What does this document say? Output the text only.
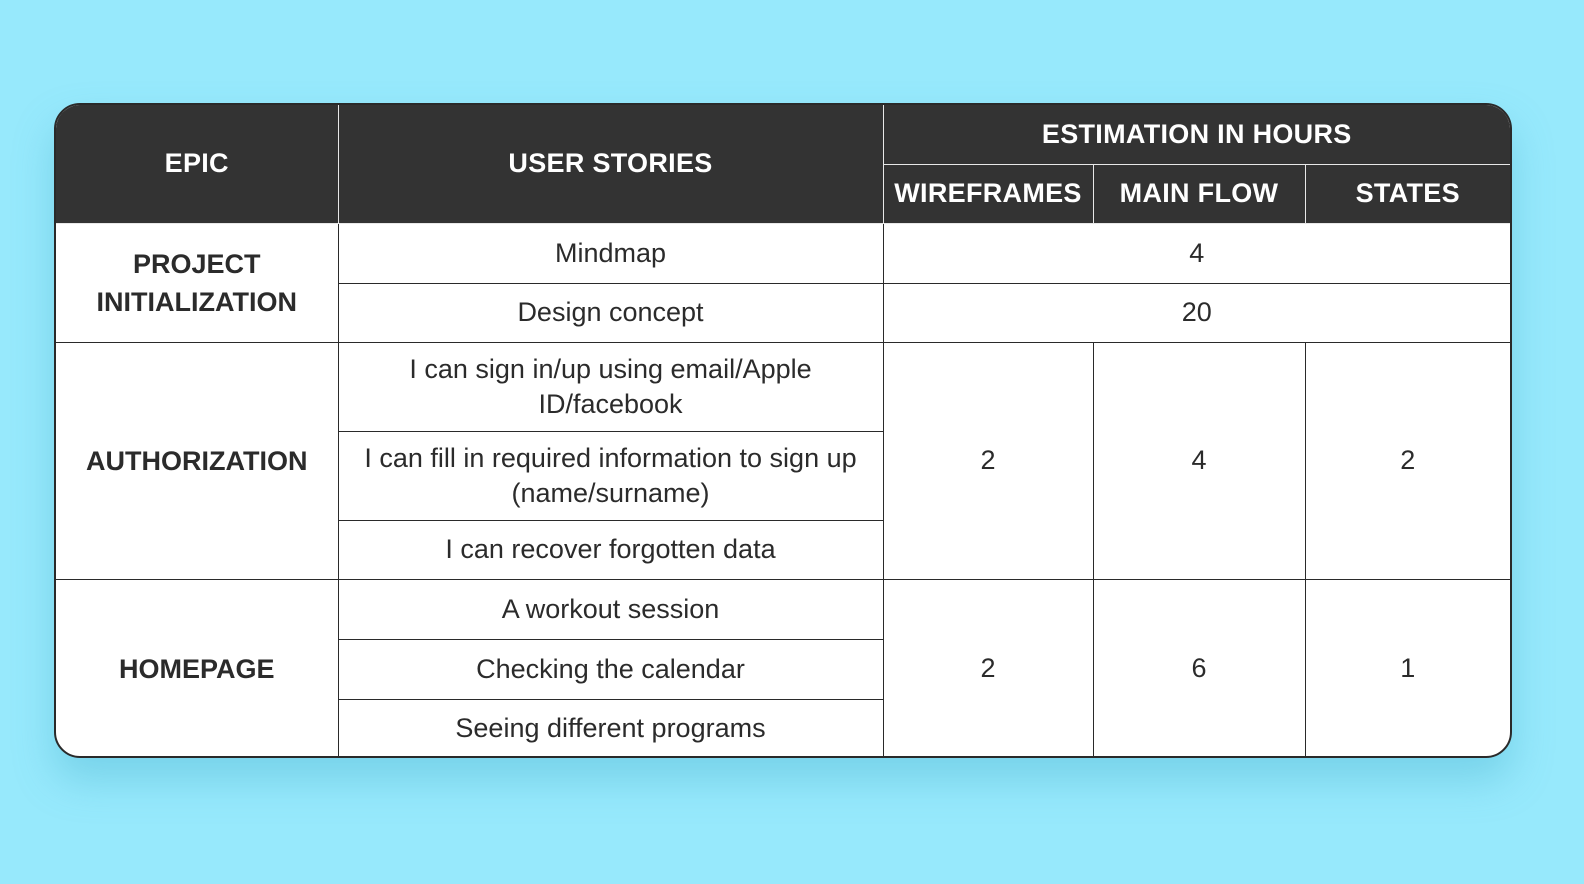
EPIC	USER STORIES	ESTIMATION IN HOURS		
		WIREFRAMES	MAIN FLOW	STATES
PROJECT INITIALIZATION	Mindmap	4		
	Design concept	20		
AUTHORIZATION	I can sign in/up using email/Apple ID/facebook	2	4	2
	I can fill in required information to sign up (name/surname)			
	I can recover forgotten data			
HOMEPAGE	A workout session	2	6	1
	Checking the calendar			
	Seeing different programs			
